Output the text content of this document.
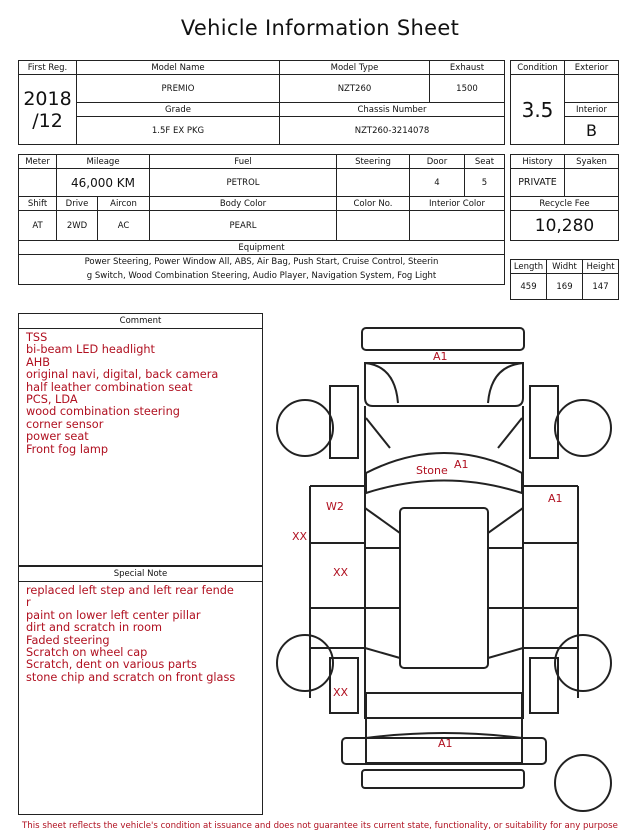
Vehicle Information Sheet
First Reg.	Model Name	Model Type	Exhaust

2018
/12	PREMIO	NZT260	1500
	Grade	Chassis Number	
	1.5F EX PKG	NZT260-3214078	
Condition	Exterior
3.5	
	Interior
	B
Meter	Mileage		Fuel	Steering	Door	Seat
	46,000 KM		PETROL		4	5
Shift	Drive	Aircon	Body Color	Color No.	Interior Color	
AT	2WD	AC	PEARL			
Equipment						

Power Steering, Power Window All, ABS, Air Bag, Push Start, Cruise Control, Steerin
g Switch, Wood Combination Steering, Audio Player, Navigation System, Fog Light						
History	Syaken
PRIVATE	
Recycle Fee	
10,280	
Length	Widht	Height
459	169	147
Comment
TSS
bi-beam LED headlight
AHB
original navi, digital, back camera
half leather combination seat
PCS, LDA
wood combination steering
corner sensor
power seat
Front fog lamp
Special Note
replaced left step and left rear fende
r
paint on lower left center pillar
dirt and scratch in room
Faded steering
Scratch on wheel cap
Scratch, dent on various parts
stone chip and scratch on front glass
A1
Stone A1
A1
W2
XX
XX
XX
A1
This sheet reflects the vehicle's condition at issuance and does not guarantee its current state, functionality, or suitability for any purpose
